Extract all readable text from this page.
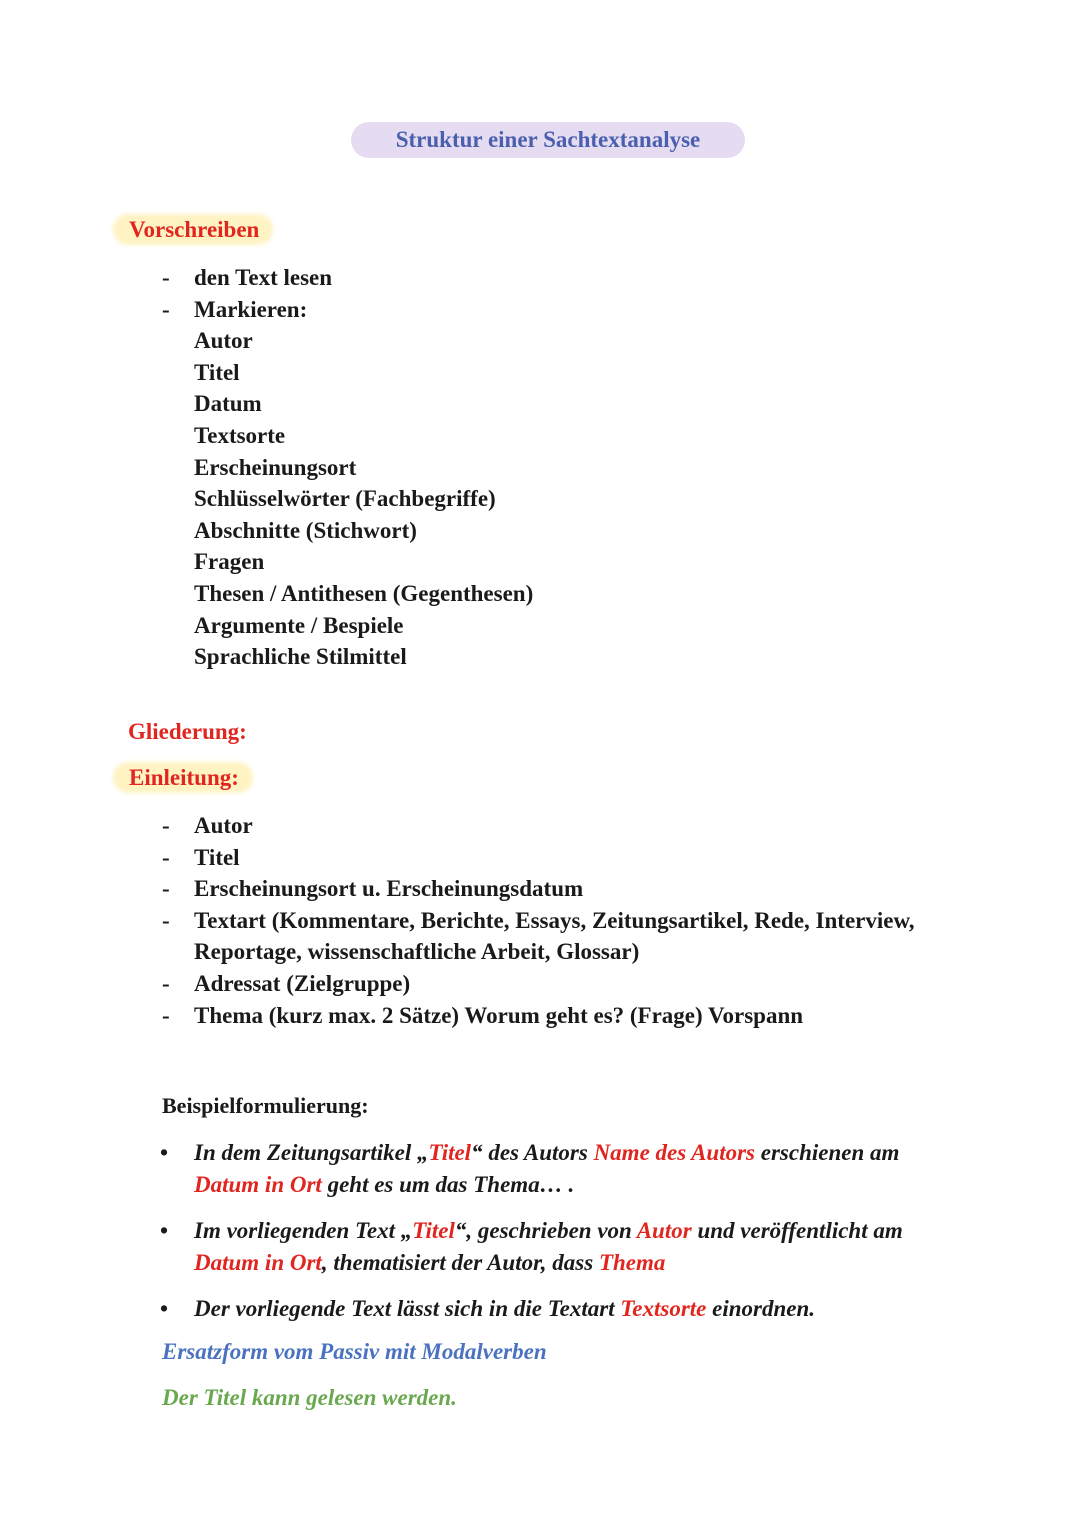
Struktur einer Sachtextanalyse
Vorschreiben
- den Text lesen
- Markieren:
Autor
Titel
Datum
Textsorte
Erscheinungsort
Schlüsselwörter (Fachbegriffe)
Abschnitte (Stichwort)
Fragen
Thesen / Antithesen (Gegenthesen)
Argumente / Bespiele
Sprachliche Stilmittel
Gliederung:
Einleitung:
- Autor
- Titel
- Erscheinungsort u. Erscheinungsdatum
- Textart (Kommentare, Berichte, Essays, Zeitungsartikel, Rede, Interview, Reportage, wissenschaftliche Arbeit, Glossar)
- Adressat (Zielgruppe)
- Thema (kurz max. 2 Sätze) Worum geht es? (Frage) Vorspann
Beispielformulierung:
• In dem Zeitungsartikel „Titel“ des Autors Name des Autors erschienen am Datum in Ort geht es um das Thema… .
• Im vorliegenden Text „Titel“, geschrieben von Autor und veröffentlicht am Datum in Ort, thematisiert der Autor, dass Thema
• Der vorliegende Text lässt sich in die Textart Textsorte einordnen.
Ersatzform vom Passiv mit Modalverben
Der Titel kann gelesen werden.
